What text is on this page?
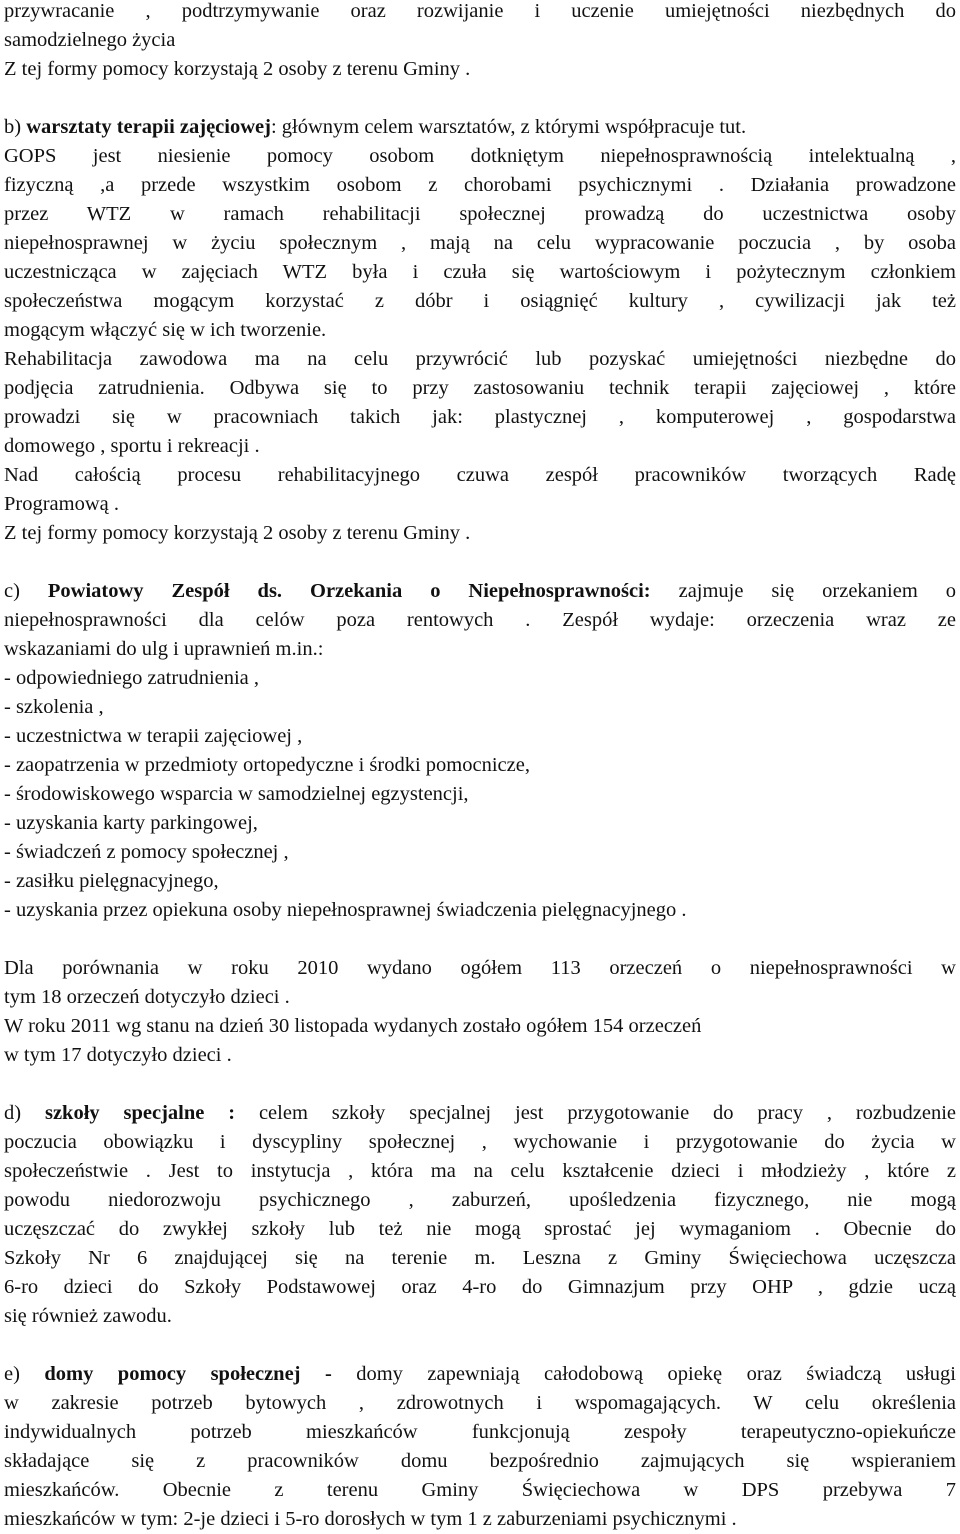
przywracanie , podtrzymywanie oraz rozwijanie i uczenie umiejętności niezbędnych do
samodzielnego życia
Z tej formy pomocy korzystają 2 osoby z terenu Gminy .
b) warsztaty terapii zajęciowej: głównym celem warsztatów, z którymi współpracuje tut.
GOPS jest niesienie pomocy osobom dotkniętym niepełnosprawnością intelektualną ,
fizyczną ,a przede wszystkim osobom z chorobami psychicznymi . Działania prowadzone
przez WTZ w ramach rehabilitacji społecznej prowadzą do uczestnictwa osoby
niepełnosprawnej w życiu społecznym , mają na celu wypracowanie poczucia , by osoba
uczestnicząca w zajęciach WTZ była i czuła się wartościowym i pożytecznym członkiem
społeczeństwa mogącym korzystać z dóbr i osiągnięć kultury , cywilizacji jak też
mogącym włączyć się w ich tworzenie.
Rehabilitacja zawodowa ma na celu przywrócić lub pozyskać umiejętności niezbędne do
podjęcia zatrudnienia. Odbywa się to przy zastosowaniu technik terapii zajęciowej , które
prowadzi się w pracowniach takich jak: plastycznej , komputerowej , gospodarstwa
domowego , sportu i rekreacji .
Nad całością procesu rehabilitacyjnego czuwa zespół pracowników tworzących Radę
Programową .
Z tej formy pomocy korzystają 2 osoby z terenu Gminy .
c) Powiatowy Zespół ds. Orzekania o Niepełnosprawności: zajmuje się orzekaniem o
niepełnosprawności dla celów poza rentowych . Zespół wydaje: orzeczenia wraz ze
wskazaniami do ulg i uprawnień m.in.:
- odpowiedniego zatrudnienia ,
- szkolenia ,
- uczestnictwa w terapii zajęciowej ,
- zaopatrzenia w przedmioty ortopedyczne i środki pomocnicze,
- środowiskowego wsparcia w samodzielnej egzystencji,
- uzyskania karty parkingowej,
- świadczeń z pomocy społecznej ,
- zasiłku pielęgnacyjnego,
- uzyskania przez opiekuna osoby niepełnosprawnej świadczenia pielęgnacyjnego .
Dla porównania w roku 2010 wydano ogółem 113 orzeczeń o niepełnosprawności w
tym 18 orzeczeń dotyczyło dzieci .
W roku 2011 wg stanu na dzień 30 listopada wydanych zostało ogółem 154 orzeczeń
w tym 17 dotyczyło dzieci .
d) szkoły specjalne : celem szkoły specjalnej jest przygotowanie do pracy , rozbudzenie
poczucia obowiązku i dyscypliny społecznej , wychowanie i przygotowanie do życia w
społeczeństwie . Jest to instytucja , która ma na celu kształcenie dzieci i młodzieży , które z
powodu niedorozwoju psychicznego , zaburzeń, upośledzenia fizycznego, nie mogą
uczęszczać do zwykłej szkoły lub też nie mogą sprostać jej wymaganiom . Obecnie do
Szkoły Nr 6 znajdującej się na terenie m. Leszna z Gminy Święciechowa uczęszcza
6-ro dzieci do Szkoły Podstawowej oraz 4-ro do Gimnazjum przy OHP , gdzie uczą
się również zawodu.
e) domy pomocy społecznej - domy zapewniają całodobową opiekę oraz świadczą usługi
w zakresie potrzeb bytowych , zdrowotnych i wspomagających. W celu określenia
indywidualnych potrzeb mieszkańców funkcjonują zespoły terapeutyczno-opiekuńcze
składające się z pracowników domu bezpośrednio zajmujących się wspieraniem
mieszkańców. Obecnie z terenu Gminy Święciechowa w DPS przebywa 7
mieszkańców w tym: 2-je dzieci i 5-ro dorosłych w tym 1 z zaburzeniami psychicznymi .
